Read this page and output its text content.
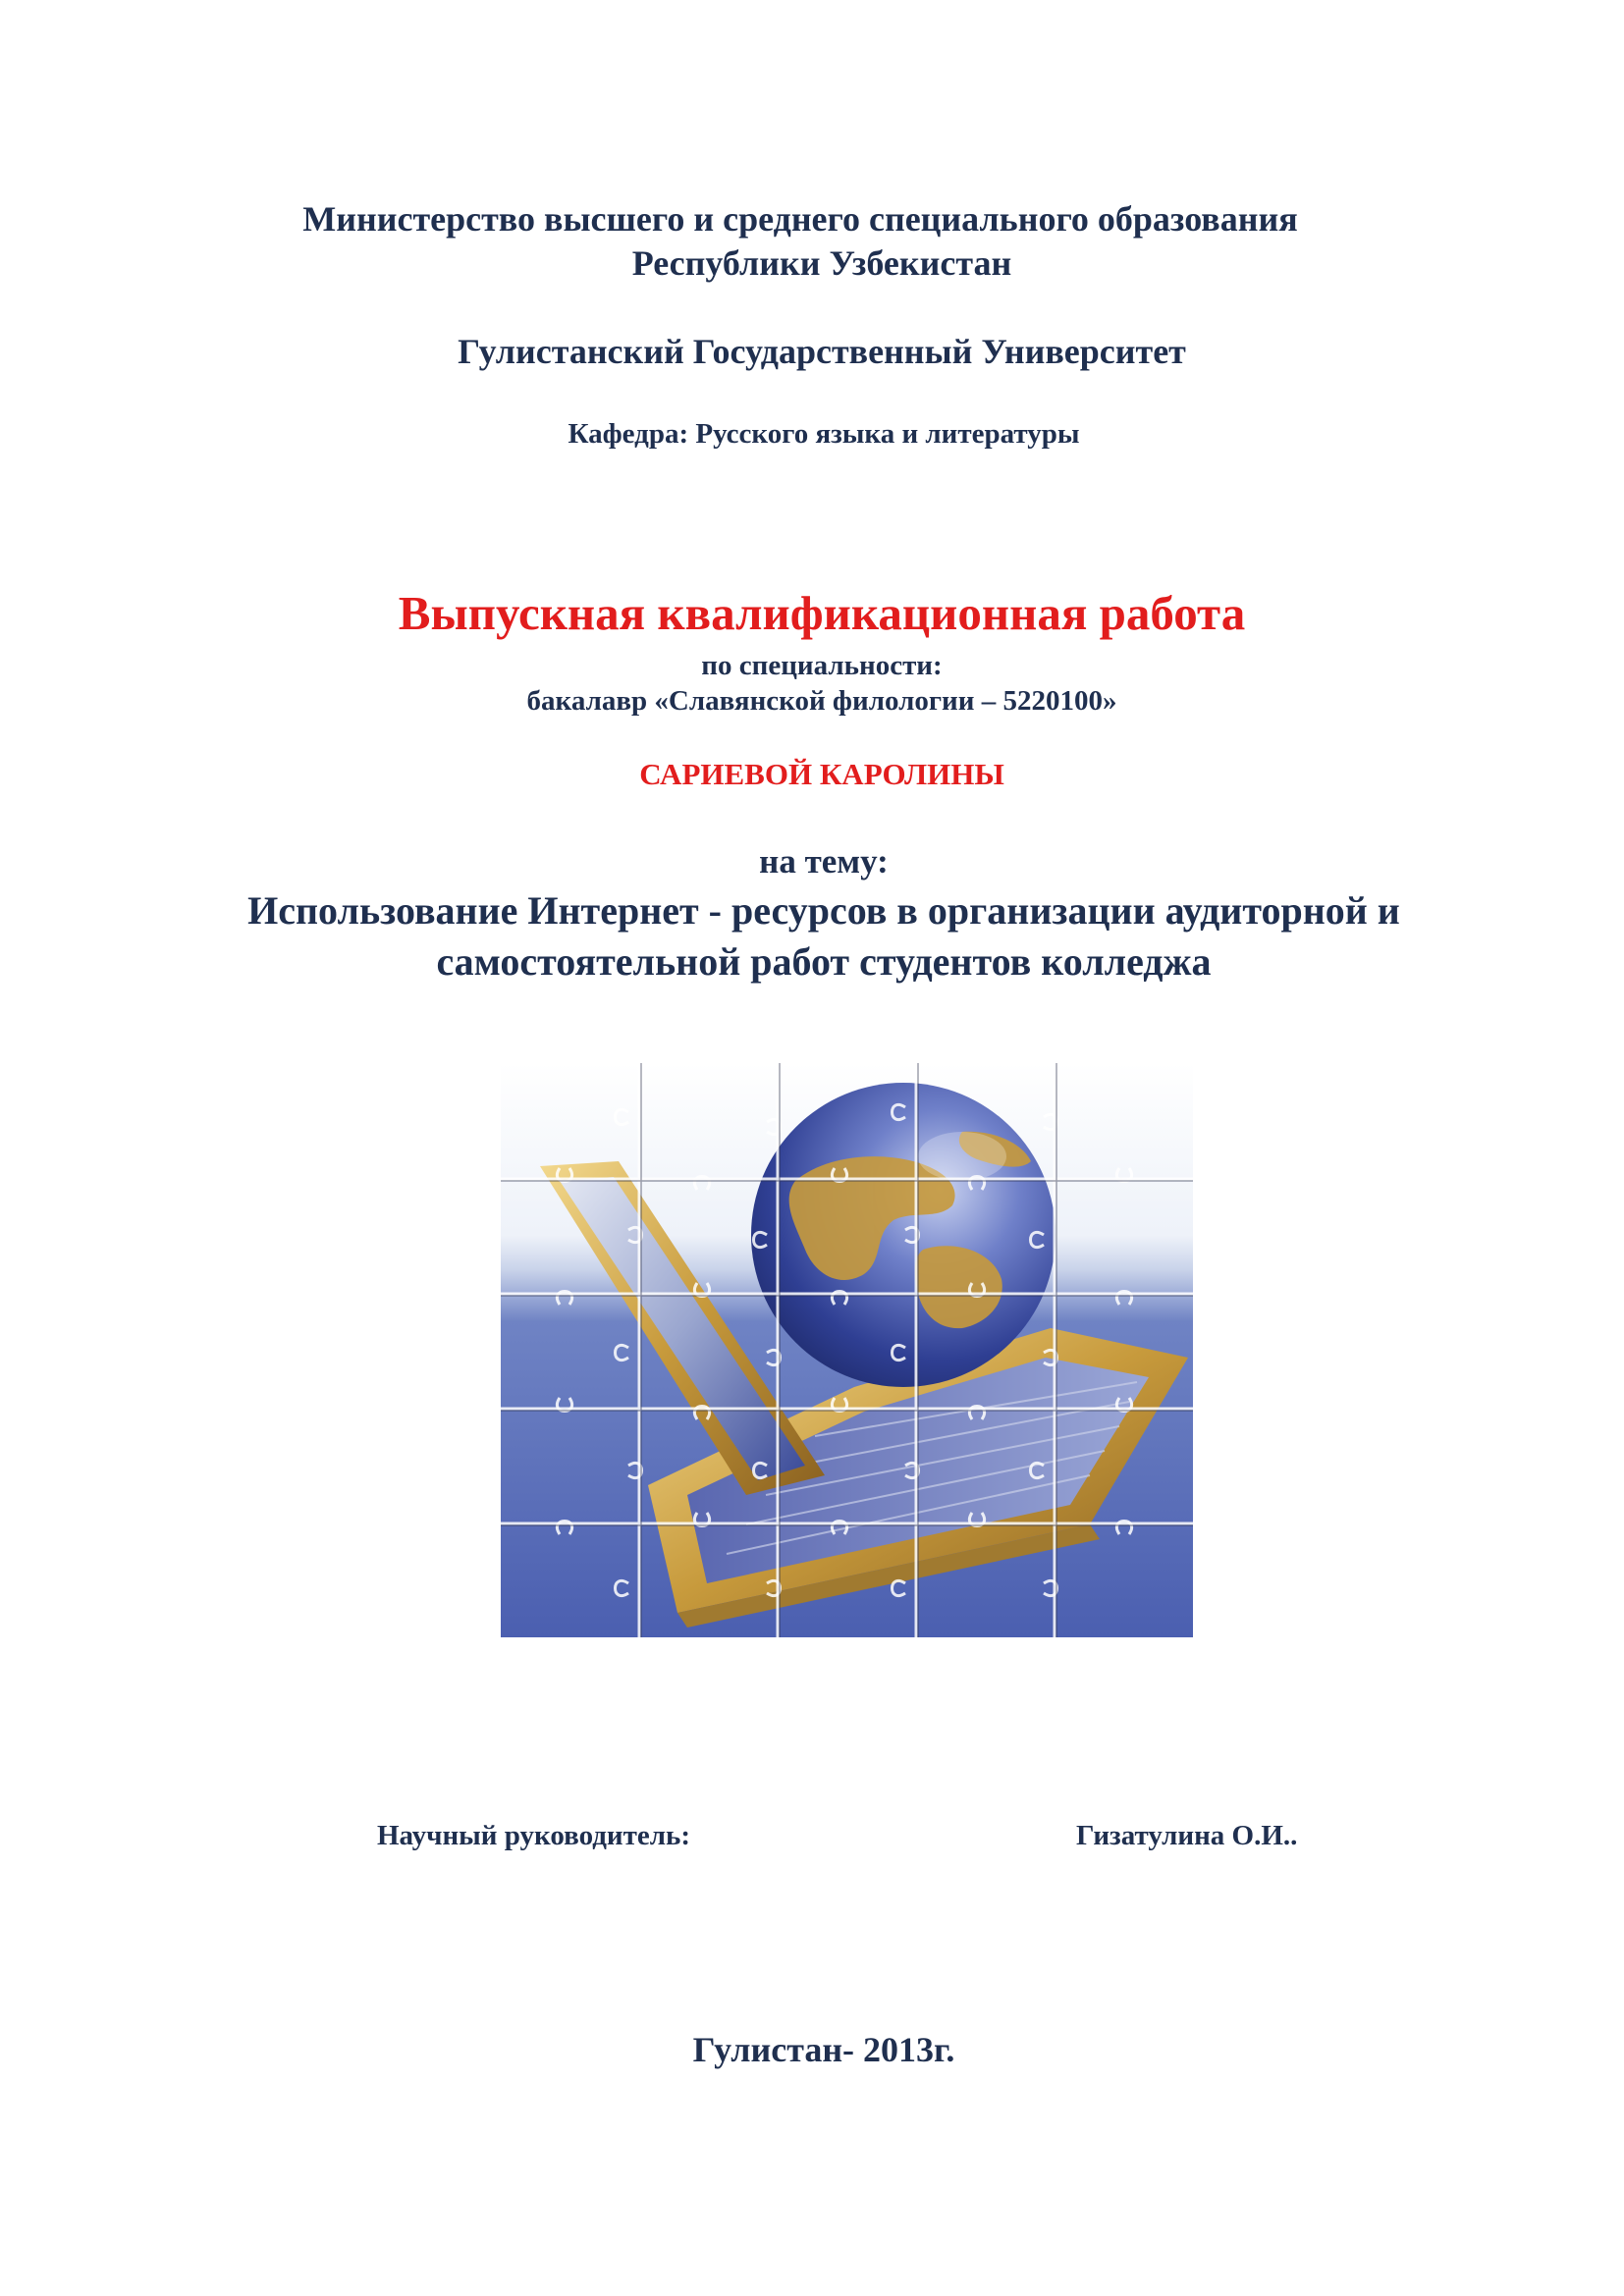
Министерство высшего и среднего специального образования
Республики Узбекистан
Гулистанский Государственный Университет
Кафедра: Русского языка и литературы
Выпускная квалификационная работа
по специальности:
бакалавр «Славянской филологии – 5220100»
САРИЕВОЙ КАРОЛИНЫ
на тему:
Использование Интернет - ресурсов в организации аудиторной и
самостоятельной работ студентов колледжа
Научный руководитель:	Гизатулина О.И..
Гулистан- 2013г.
